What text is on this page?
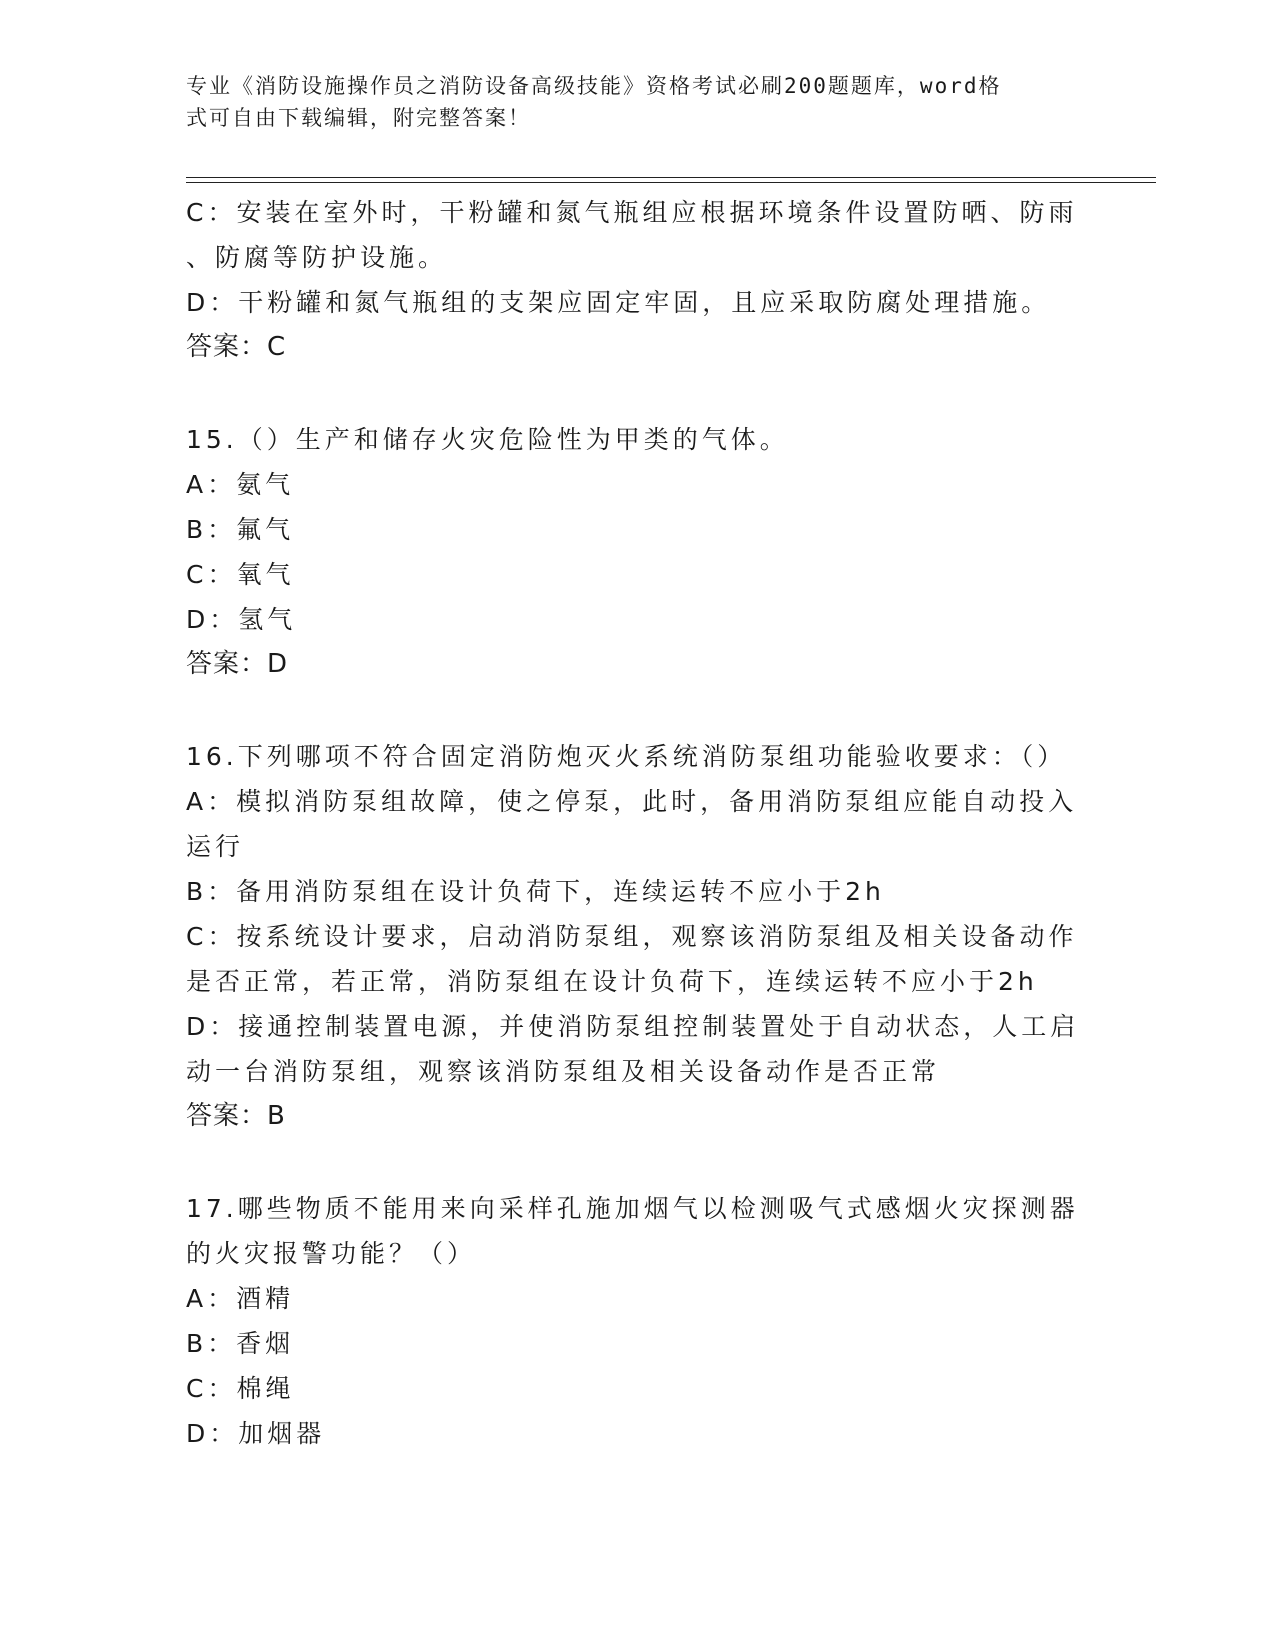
专业《消防设施操作员之消防设备高级技能》资格考试必刷200题题库，word格
式可自由下载编辑，附完整答案！
C：安装在室外时，干粉罐和氮气瓶组应根据环境条件设置防晒、防雨
、防腐等防护设施。
D：干粉罐和氮气瓶组的支架应固定牢固，且应采取防腐处理措施。
答案：C
15.（）生产和储存火灾危险性为甲类的气体。
A：氨气
B：氟气
C：氧气
D：氢气
答案：D
16.下列哪项不符合固定消防炮灭火系统消防泵组功能验收要求：（）
A：模拟消防泵组故障，使之停泵，此时，备用消防泵组应能自动投入
运行
B：备用消防泵组在设计负荷下，连续运转不应小于2h
C：按系统设计要求，启动消防泵组，观察该消防泵组及相关设备动作
是否正常，若正常，消防泵组在设计负荷下，连续运转不应小于2h
D：接通控制装置电源，并使消防泵组控制装置处于自动状态，人工启
动一台消防泵组，观察该消防泵组及相关设备动作是否正常
答案：B
17.哪些物质不能用来向采样孔施加烟气以检测吸气式感烟火灾探测器
的火灾报警功能？（）
A：酒精
B：香烟
C：棉绳
D：加烟器
